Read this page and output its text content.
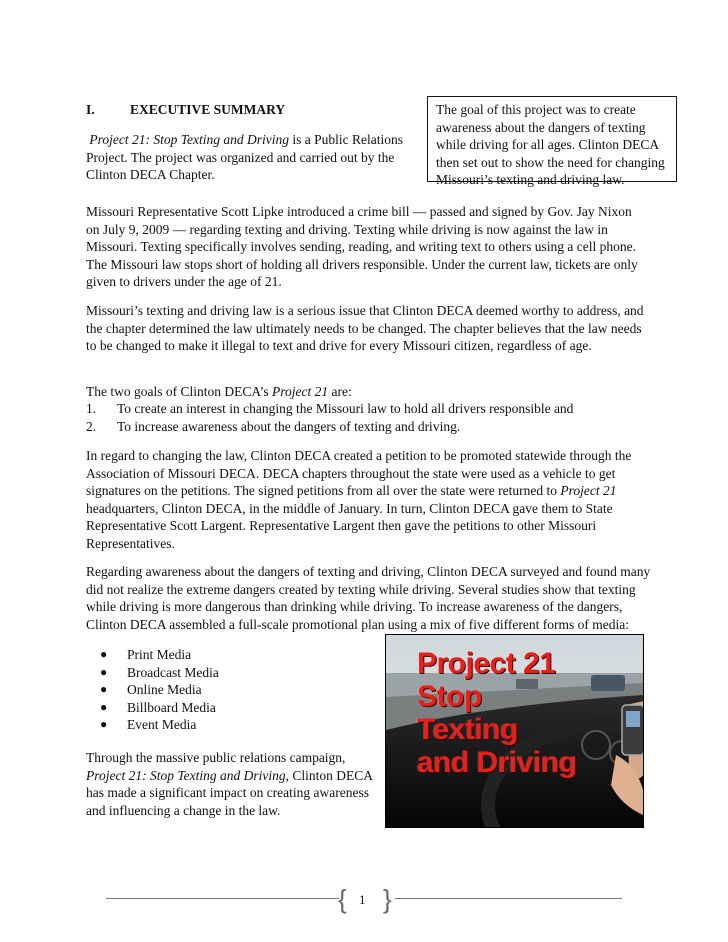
I.	EXECUTIVE SUMMARY
Project 21: Stop Texting and Driving is a Public Relations Project. The project was organized and carried out by the Clinton DECA Chapter.
The goal of this project was to create awareness about the dangers of texting while driving for all ages. Clinton DECA then set out to show the need for changing Missouri’s texting and driving law.

Missouri Representative Scott Lipke introduced a crime bill — passed and signed by Gov. Jay Nixon on July 9, 2009 — regarding texting and driving. Texting while driving is now against the law in Missouri. Texting specifically involves sending, reading, and writing text to others using a cell phone. The Missouri law stops short of holding all drivers responsible. Under the current law, tickets are only given to drivers under the age of 21.

Missouri’s texting and driving law is a serious issue that Clinton DECA deemed worthy to address, and the chapter determined the law ultimately needs to be changed. The chapter believes that the law needs to be changed to make it illegal to text and drive for every Missouri citizen, regardless of age.

The two goals of Clinton DECA’s Project 21 are:

1.	To create an interest in changing the Missouri law to hold all drivers responsible and
2.	To increase awareness about the dangers of texting and driving.

In regard to changing the law, Clinton DECA created a petition to be promoted statewide through the Association of Missouri DECA. DECA chapters throughout the state were used as a vehicle to get signatures on the petitions. The signed petitions from all over the state were returned to Project 21 headquarters, Clinton DECA, in the middle of January. In turn, Clinton DECA gave them to State Representative Scott Largent. Representative Largent then gave the petitions to other Missouri Representatives.

Regarding awareness about the dangers of texting and driving, Clinton DECA surveyed and found many did not realize the extreme dangers created by texting while driving. Several studies show that texting while driving is more dangerous than drinking while driving. To increase awareness of the dangers, Clinton DECA assembled a full-scale promotional plan using a mix of five different forms of media:

●	Print Media
●	Broadcast Media
●	Online Media
●	Billboard Media
●	Event Media
Through the massive public relations campaign, Project 21: Stop Texting and Driving, Clinton DECA has made a significant impact on creating awareness and influencing a change in the law.
Project 21
Stop
Texting
and Driving
{ }
1
